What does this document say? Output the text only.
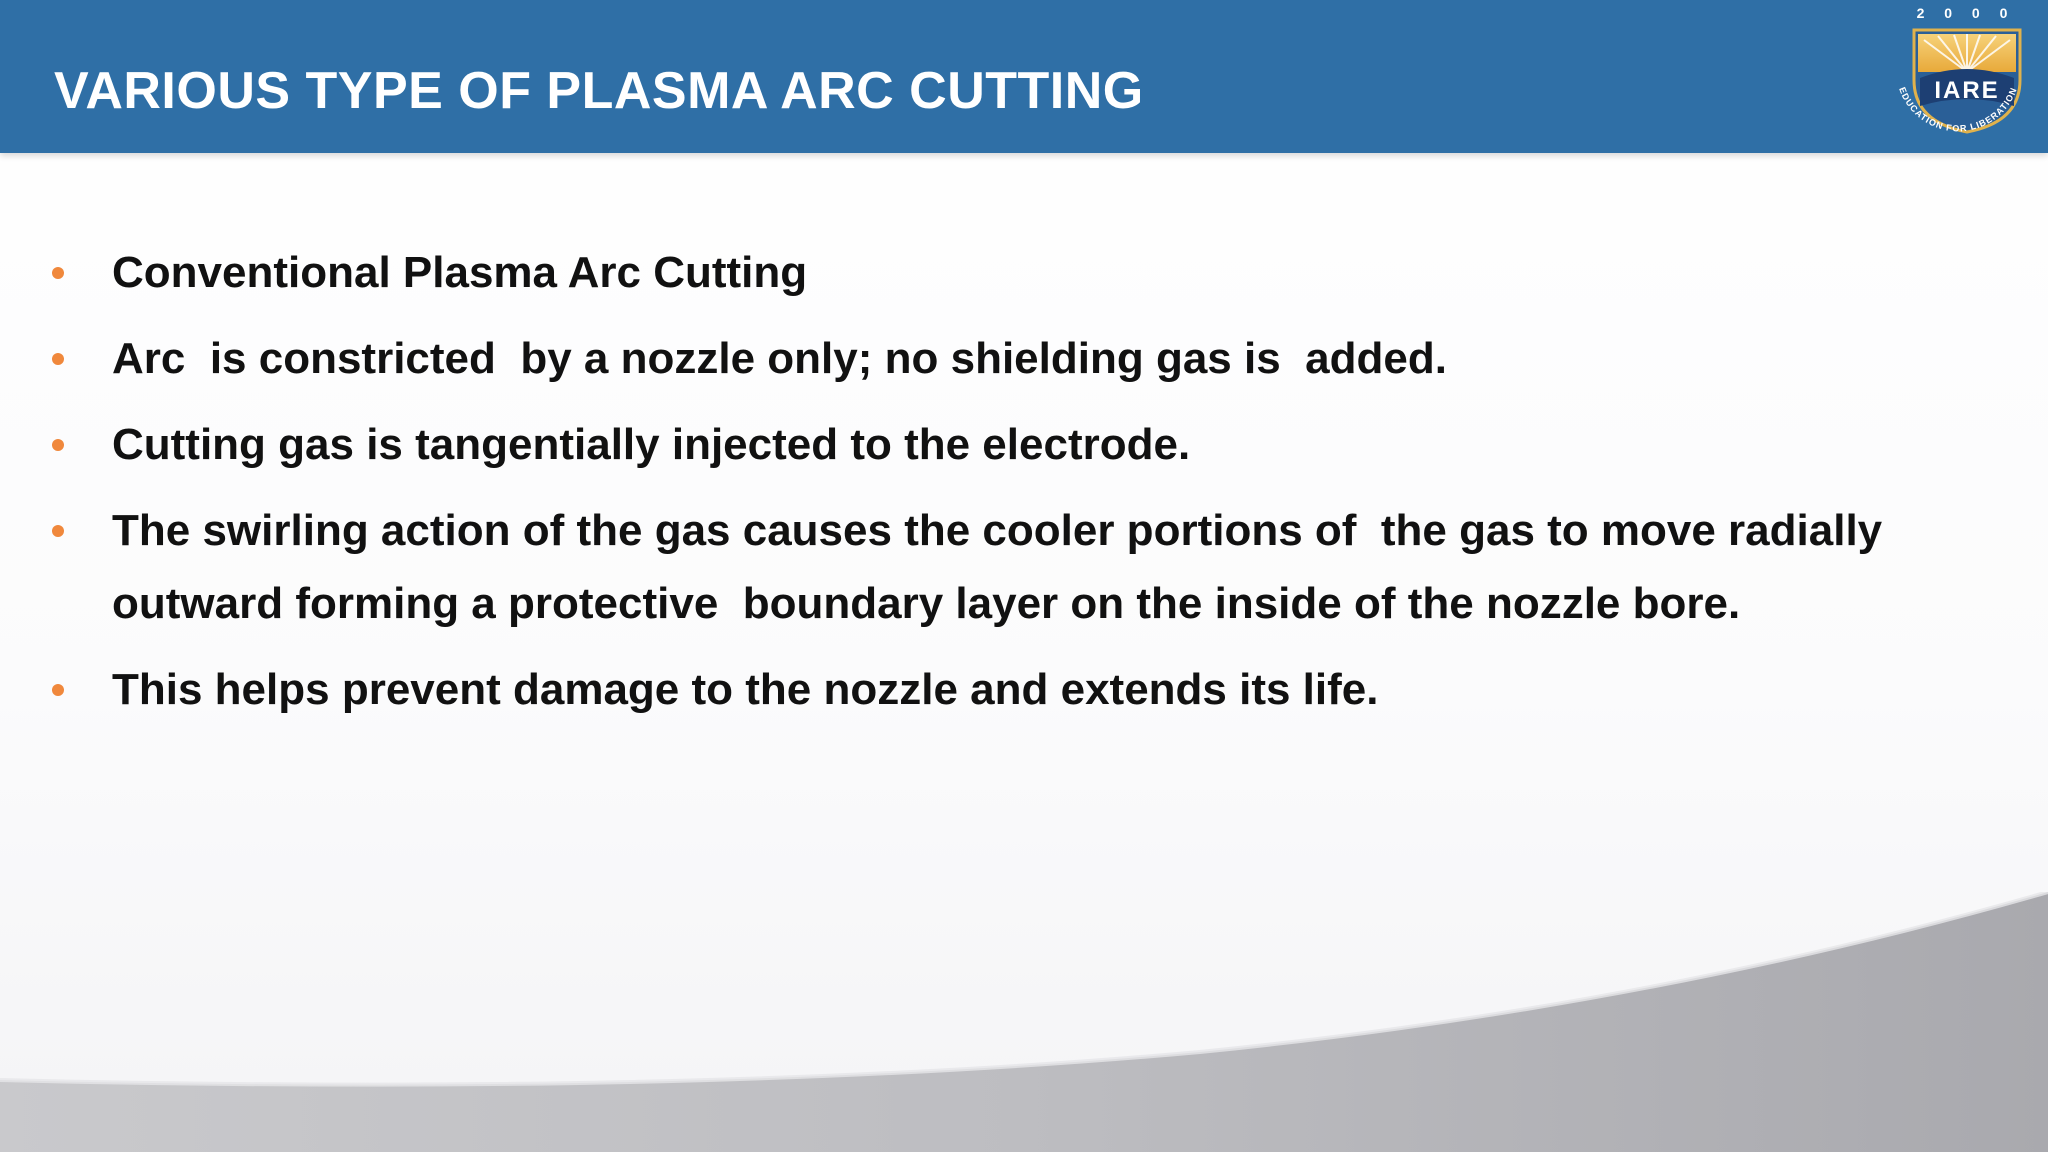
VARIOUS TYPE OF PLASMA ARC CUTTING
2 0 0 0
IARE
EDUCATION FOR LIBERATION
Conventional Plasma Arc Cutting
Arc  is constricted  by a nozzle only; no shielding gas is  added.
Cutting gas is tangentially injected to the electrode.
The swirling action of the gas causes the cooler portions of  the gas to move radially outward forming a protective  boundary layer on the inside of the nozzle bore.
This helps prevent damage to the nozzle and extends its life.
